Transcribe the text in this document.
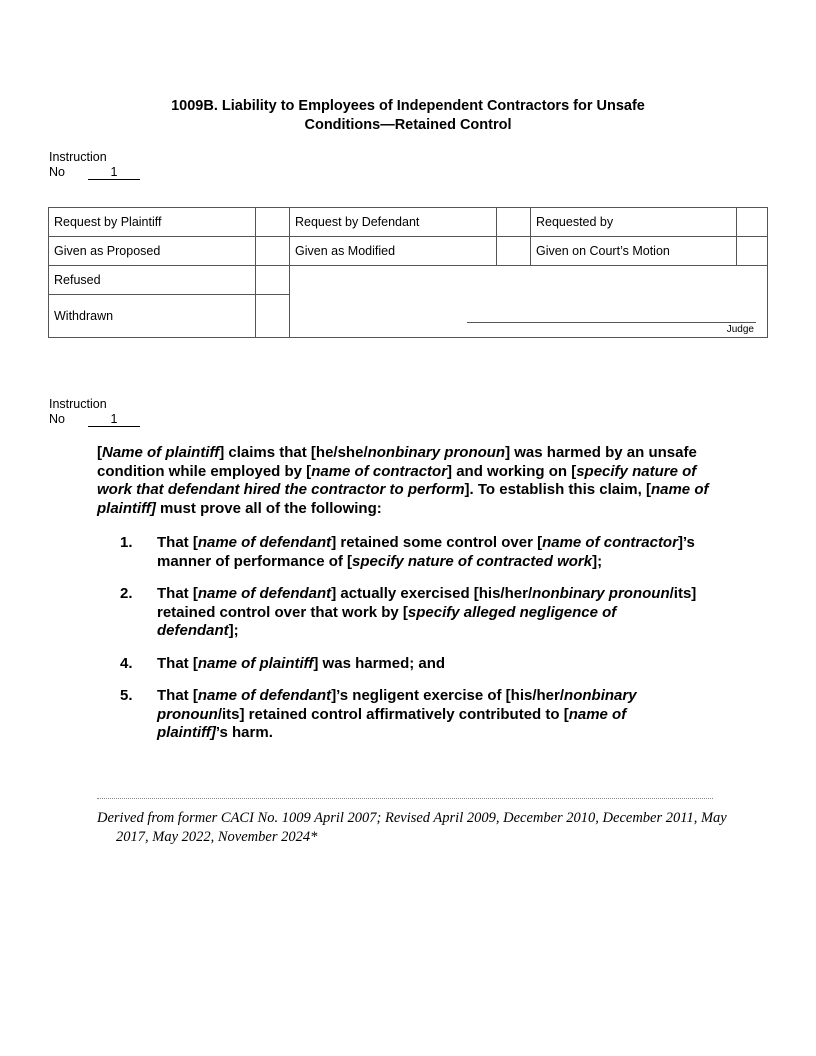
1009B. Liability to Employees of Independent Contractors for Unsafe
Conditions—Retained Control
Instruction
No	1
Request by Plaintiff	Request by Defendant	Requested by
Given as Proposed	Given as Modified	Given on Court’s Motion
Refused
Withdrawn
Judge
Instruction
No	1
[Name of plaintiff] claims that [he/she/nonbinary pronoun] was harmed by an unsafe condition while employed by [name of contractor] and working on [specify nature of work that defendant hired the contractor to perform]. To establish this claim, [name of plaintiff] must prove all of the following:
1.	That [name of defendant] retained some control over [name of contractor]’s manner of performance of [specify nature of contracted work];
2.	That [name of defendant] actually exercised [his/her/nonbinary pronoun/its] retained control over that work by [specify alleged negligence of defendant];
4.	That [name of plaintiff] was harmed; and
5.	That [name of defendant]’s negligent exercise of [his/her/nonbinary pronoun/its] retained control affirmatively contributed to [name of plaintiff]’s harm.
Derived from former CACI No. 1009 April 2007; Revised April 2009, December 2010, December 2011, May 2017, May 2022, November 2024*
